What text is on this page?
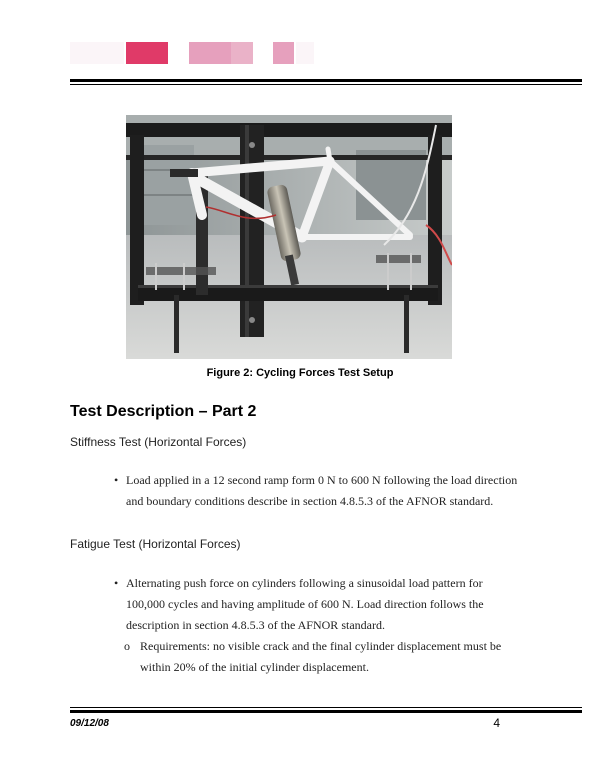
Figure 2: Cycling Forces Test Setup
Test Description – Part 2
Stiffness Test (Horizontal Forces)
• Load applied in a 12 second ramp form 0 N to 600 N following the load direction
and boundary conditions describe in section 4.8.5.3 of the AFNOR standard.
Fatigue Test (Horizontal Forces)
• Alternating push force on cylinders following a sinusoidal load pattern for
100,000 cycles and having amplitude of 600 N. Load direction follows the
description in section 4.8.5.3 of the AFNOR standard.
o Requirements: no visible crack and the final cylinder displacement must be
within 20% of the initial cylinder displacement.
09/12/08	4
